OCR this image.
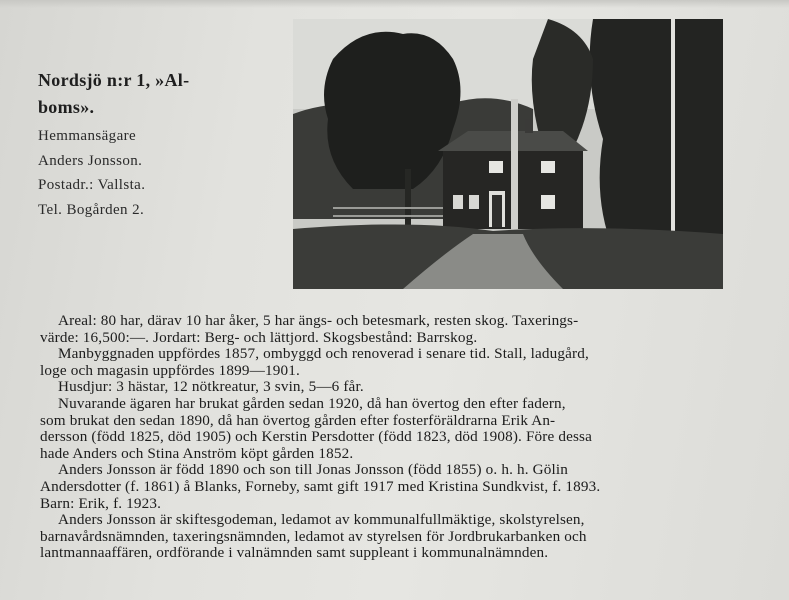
Nordsjö n:r 1, »Al-
boms».
Hemmansägare
Anders Jonsson.
Postadr.: Vallsta.
Tel. Bogården 2.
Areal: 80 har, därav 10 har åker, 5 har ängs- och betesmark, resten skog. Taxerings-
värde: 16,500:—. Jordart: Berg- och lättjord. Skogsbestånd: Barrskog.
Manbyggnaden uppfördes 1857, ombyggd och renoverad i senare tid. Stall, ladugård,
loge och magasin uppfördes 1899—1901.
Husdjur: 3 hästar, 12 nötkreatur, 3 svin, 5—6 får.
Nuvarande ägaren har brukat gården sedan 1920, då han övertog den efter fadern,
som brukat den sedan 1890, då han övertog gården efter fosterföräldrarna Erik An-
dersson (född 1825, död 1905) och Kerstin Persdotter (född 1823, död 1908). Före dessa
hade Anders och Stina Anström köpt gården 1852.
Anders Jonsson är född 1890 och son till Jonas Jonsson (född 1855) o. h. h. Gölin
Andersdotter (f. 1861) å Blanks, Forneby, samt gift 1917 med Kristina Sundkvist, f. 1893.
Barn: Erik, f. 1923.
Anders Jonsson är skiftesgodeman, ledamot av kommunalfullmäktige, skolstyrelsen,
barnavårdsnämnden, taxeringsnämnden, ledamot av styrelsen för Jordbrukarbanken och
lantmannaaffären, ordförande i valnämnden samt suppleant i kommunalnämnden.
